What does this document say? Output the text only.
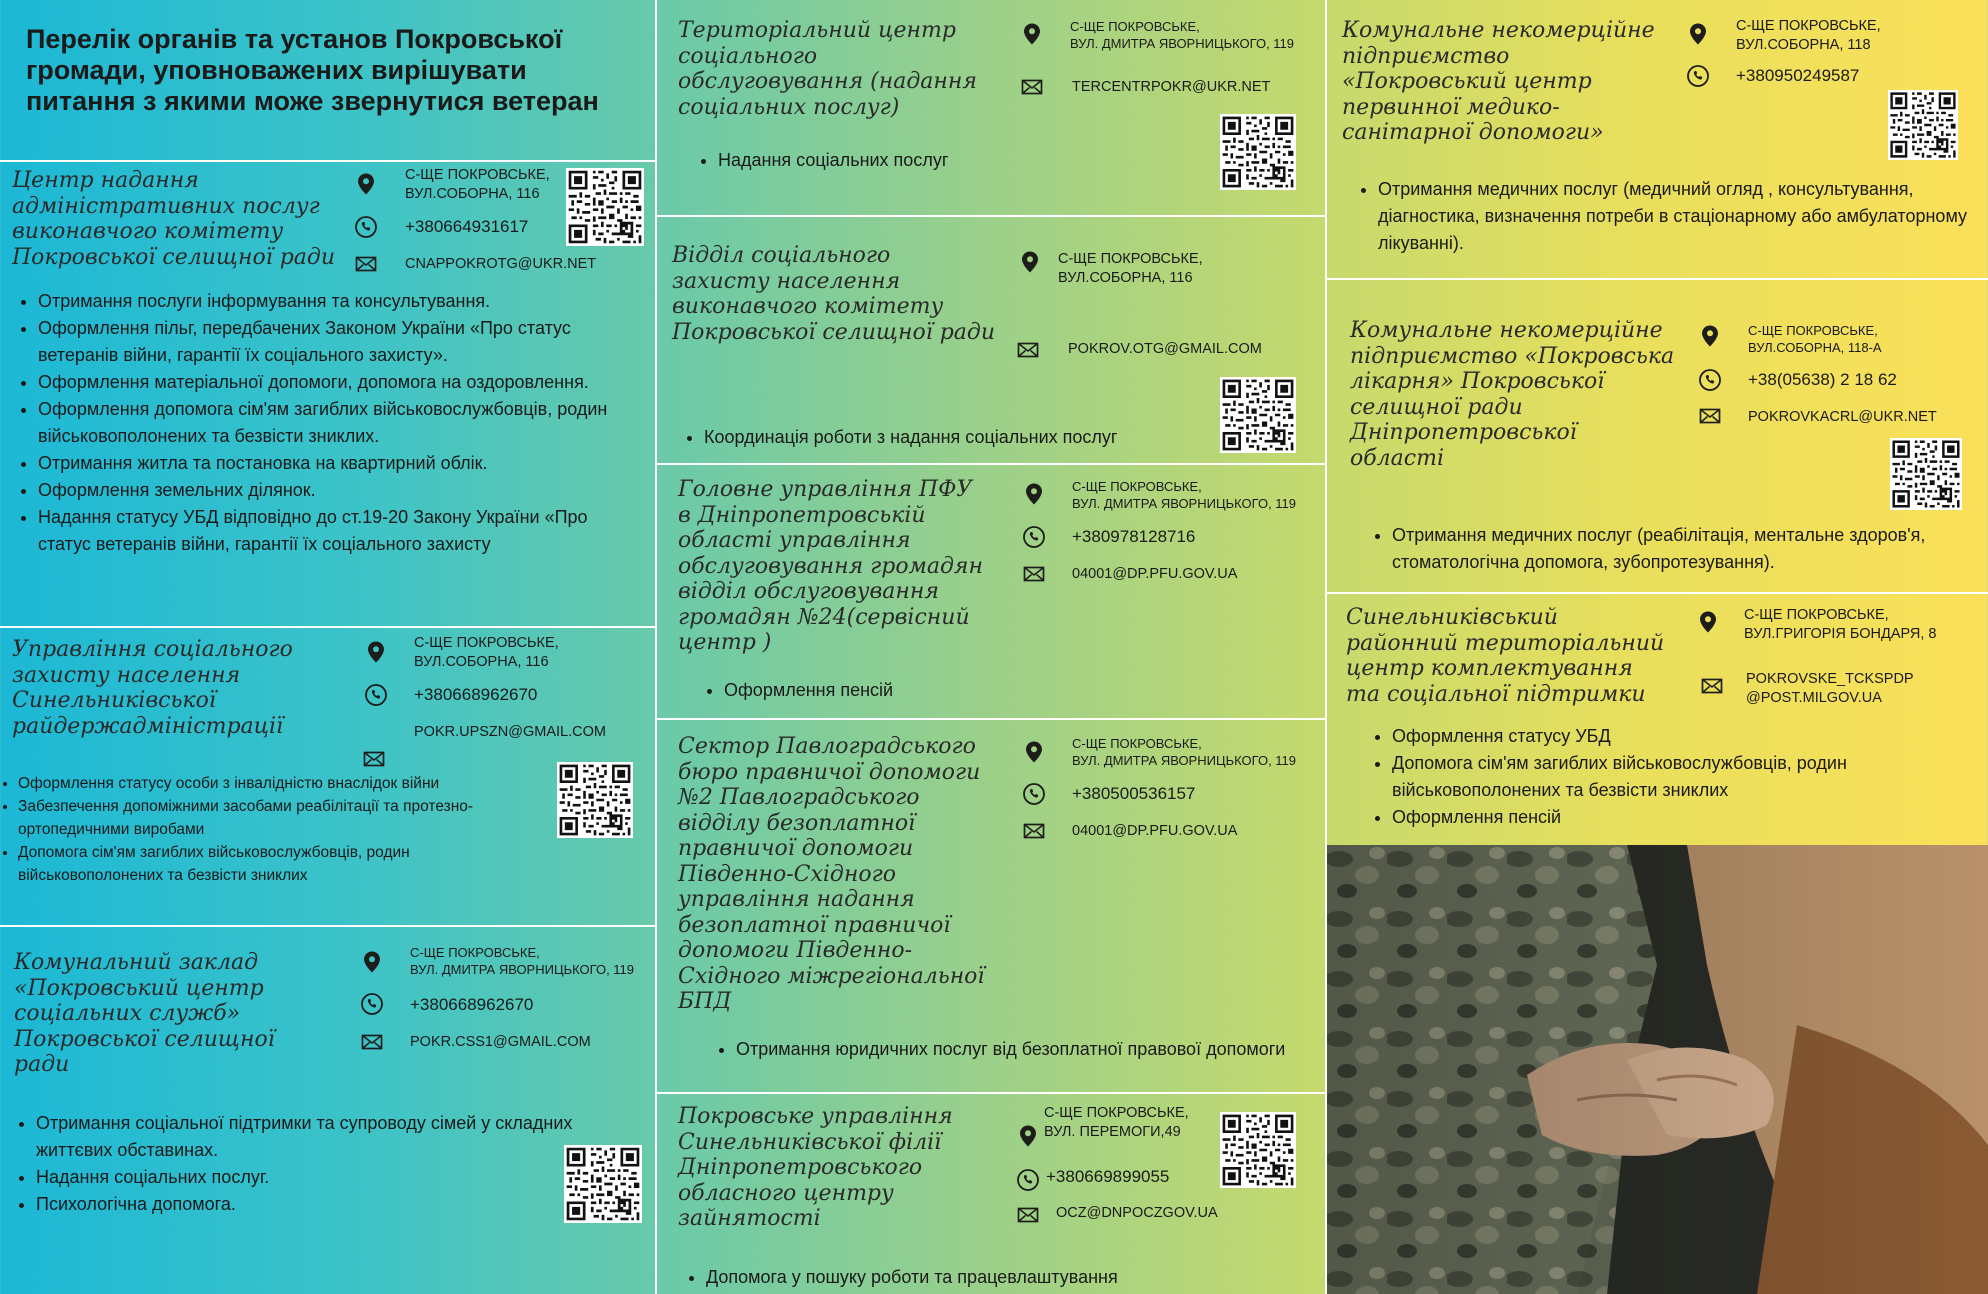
Перелік органів та установ Покровської громади, уповноважених вирішувати питання з якими може звернутися ветеран
Центр надання
адміністративних послуг
виконавчого комітету
Покровської селищної ради
С-ЩЕ ПОКРОВСЬКЕ,
ВУЛ.СОБОРНА, 116
+380664931617
CNAPPOKROTG@UKR.NET
• Отримання послуги інформування та консультування.
• Оформлення пільг, передбачених Законом України «Про статус ветеранів війни, гарантії їх соціального захисту».
• Оформлення матеріальної допомоги, допомога на оздоровлення.
• Оформлення допомога сім'ям загиблих військовослужбовців, родин військовополонених та безвісти зниклих.
• Отримання житла та постановка на квартирний облік.
• Оформлення земельних ділянок.
• Надання статусу УБД відповідно до ст.19-20 Закону України «Про статус ветеранів війни, гарантії їх соціального захисту
Управління соціального
захисту населення
Синельниківської
райдержадміністрації
С-ЩЕ ПОКРОВСЬКЕ,
ВУЛ.СОБОРНА, 116
+380668962670
POKR.UPSZN@GMAIL.COM
• Оформлення статусу особи з інвалідністю внаслідок війни
• Забезпечення допоміжними засобами реабілітації та протезно-ортопедичними виробами
• Допомога сім'ям загиблих військовослужбовців, родин військовополонених та безвісти зниклих
Комунальний заклад
«Покровський центр
соціальних служб»
Покровської селищної
ради
С-ЩЕ ПОКРОВСЬКЕ,
ВУЛ. ДМИТРА ЯВОРНИЦЬКОГО, 119
+380668962670
POKR.CSS1@GMAIL.COM
• Отримання соціальної підтримки та супроводу сімей у складних життєвих обставинах.
• Надання соціальних послуг.
• Психологічна допомога.
Територіальний центр
соціального
обслуговування (надання
соціальних послуг)
С-ЩЕ ПОКРОВСЬКЕ,
ВУЛ. ДМИТРА ЯВОРНИЦЬКОГО, 119
TERCENTRPOKR@UKR.NET
• Надання соціальних послуг
Відділ соціального
захисту населення
виконавчого комітету
Покровської селищної ради
С-ЩЕ ПОКРОВСЬКЕ,
ВУЛ.СОБОРНА, 116
POKROV.OTG@GMAIL.COM
• Координація роботи з надання соціальних послуг
Головне управління ПФУ
в Дніпропетровській
області управління
обслуговування громадян
відділ обслуговування
громадян №24(сервісний
центр )
С-ЩЕ ПОКРОВСЬКЕ,
ВУЛ. ДМИТРА ЯВОРНИЦЬКОГО, 119
+380978128716
04001@DP.PFU.GOV.UA
• Оформлення пенсій
Сектор Павлоградського
бюро правничої допомоги
№2 Павлоградського
відділу безоплатної
правничої допомоги
Південно-Східного
управління надання
безоплатної правничої
допомоги Південно-
Східного міжрегіональної
БПД
С-ЩЕ ПОКРОВСЬКЕ,
ВУЛ. ДМИТРА ЯВОРНИЦЬКОГО, 119
+380500536157
04001@DP.PFU.GOV.UA
• Отримання юридичних послуг від безоплатної правової допомоги
Покровське управління
Синельниківської філії
Дніпропетровського
обласного центру
зайнятості
С-ЩЕ ПОКРОВСЬКЕ,
ВУЛ. ПЕРЕМОГИ,49
+380669899055
OCZ@DNPOCZGOV.UA
• Допомога у пошуку роботи та працевлаштування
Комунальне некомерційне
підприємство
«Покровський центр
первинної медико-
санітарної допомоги»
С-ЩЕ ПОКРОВСЬКЕ,
ВУЛ.СОБОРНА, 118
+380950249587
• Отримання медичних послуг (медичний огляд , консультування, діагностика, визначення потреби в стаціонарному або амбулаторному лікуванні).
Комунальне некомерційне
підприємство «Покровська
лікарня» Покровської
селищної ради
Дніпропетровської
області
С-ЩЕ ПОКРОВСЬКЕ,
ВУЛ.СОБОРНА, 118-А
+38(05638) 2 18 62
POKROVKACRL@UKR.NET
• Отримання медичних послуг (реабілітація, ментальне здоров'я, стоматологічна допомога, зубопротезування).
Синельниківський
районний територіальний
центр комплектування
та соціальної підтримки
С-ЩЕ ПОКРОВСЬКЕ,
ВУЛ.ГРИГОРІЯ БОНДАРЯ, 8
POKROVSKE_TCKSPDP
@POST.MILGOV.UA
• Оформлення статусу УБД
• Допомога сім'ям загиблих військовослужбовців, родин військовополонених та безвісти зниклих
• Оформлення пенсій
